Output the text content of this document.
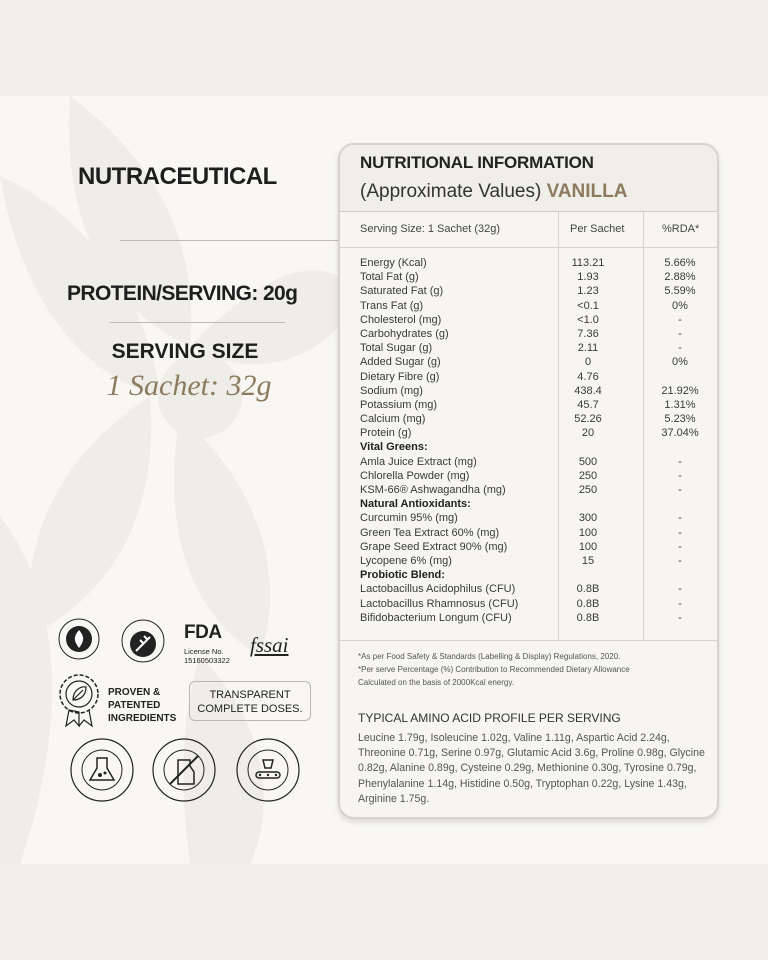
NUTRACEUTICAL
PROTEIN/SERVING: 20g
SERVING SIZE
1 Sachet: 32g
NUTRITIONAL INFORMATION
(Approximate Values) VANILLA
Serving Size: 1 Sachet (32g)	Per Sachet	%RDA*
Energy (Kcal)	113.21	5.66%
Total Fat (g)	1.93	2.88%
Saturated Fat (g)	1.23	5.59%
Trans Fat (g)	<0.1	0%
Cholesterol (mg)	<1.0	-
Carbohydrates (g)	7.36	-
Total Sugar (g)	2.11	-
Added Sugar (g)	0	0%
Dietary Fibre (g)	4.76
Sodium (mg)	438.4	21.92%
Potassium (mg)	45.7	1.31%
Calcium (mg)	52.26	5.23%
Protein (g)	20	37.04%
Vital Greens:
Amla Juice Extract (mg)	500	-
Chlorella Powder (mg)	250	-
KSM-66® Ashwagandha (mg)	250	-
Natural Antioxidants:
Curcumin 95% (mg)	300	-
Green Tea Extract 60% (mg)	100	-
Grape Seed Extract 90% (mg)	100	-
Lycopene 6% (mg)	15	-
Probiotic Blend:
Lactobacillus Acidophilus (CFU)	0.8B	-
Lactobacillus Rhamnosus (CFU)	0.8B	-
Bifidobacterium Longum (CFU)	0.8B	-
*As per Food Safety & Standards (Labelling & Display) Regulations, 2020.
*Per serve Percentage (%) Contribution to Recommended Dietary Allowance
Calculated on the basis of 2000Kcal energy.
TYPICAL AMINO ACID PROFILE PER SERVING
Leucine 1.79g, Isoleucine 1.02g, Valine 1.11g, Aspartic Acid 2.24g, Threonine 0.71g, Serine 0.97g, Glutamic Acid 3.6g, Proline 0.98g, Glycine 0.82g, Alanine 0.89g, Cysteine 0.29g, Methionine 0.30g, Tyrosine 0.79g, Phenylalanine 1.14g, Histidine 0.50g, Tryptophan 0.22g, Lysine 1.43g, Arginine 1.75g.
FDA
License No.
15160503322
fssai
PROVEN &
PATENTED
INGREDIENTS
TRANSPARENT
COMPLETE DOSES.
